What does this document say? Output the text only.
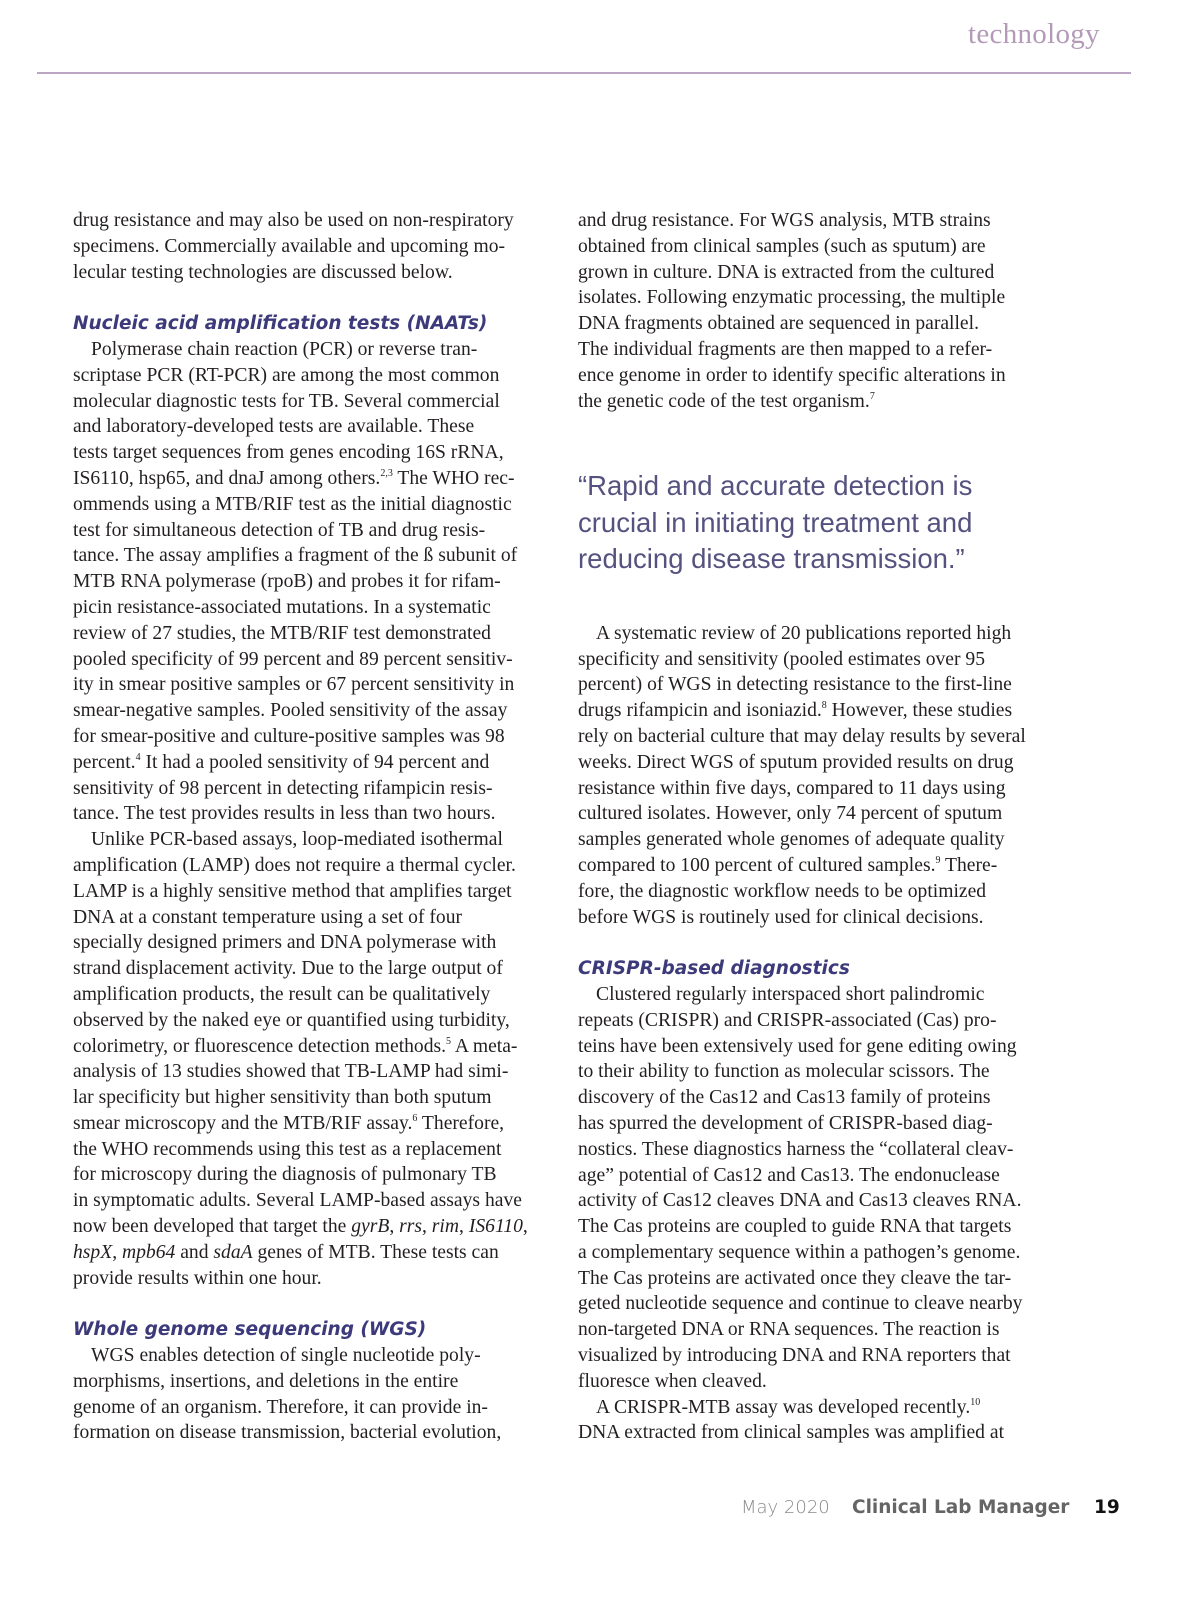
technology
drug resistance and may also be used on non-respiratory
specimens. Commercially available and upcoming mo-
lecular testing technologies are discussed below.
Nucleic acid amplification tests (NAATs)
Polymerase chain reaction (PCR) or reverse tran-
scriptase PCR (RT-PCR) are among the most common
molecular diagnostic tests for TB. Several commercial
and laboratory-developed tests are available. These
tests target sequences from genes encoding 16S rRNA,
IS6110, hsp65, and dnaJ among others.$^{2,3}$ The WHO rec-
ommends using a MTB/RIF test as the initial diagnostic
test for simultaneous detection of TB and drug resis-
tance. The assay amplifies a fragment of the ß subunit of
MTB RNA polymerase (rpoB) and probes it for rifam-
picin resistance-associated mutations. In a systematic
review of 27 studies, the MTB/RIF test demonstrated
pooled specificity of 99 percent and 89 percent sensitiv-
ity in smear positive samples or 67 percent sensitivity in
smear-negative samples. Pooled sensitivity of the assay
for smear-positive and culture-positive samples was 98
percent.$^4$ It had a pooled sensitivity of 94 percent and
sensitivity of 98 percent in detecting rifampicin resis-
tance. The test provides results in less than two hours.
Unlike PCR-based assays, loop-mediated isothermal
amplification (LAMP) does not require a thermal cycler.
LAMP is a highly sensitive method that amplifies target
DNA at a constant temperature using a set of four
specially designed primers and DNA polymerase with
strand displacement activity. Due to the large output of
amplification products, the result can be qualitatively
observed by the naked eye or quantified using turbidity,
colorimetry, or fluorescence detection methods.$^5$ A meta-
analysis of 13 studies showed that TB-LAMP had simi-
lar specificity but higher sensitivity than both sputum
smear microscopy and the MTB/RIF assay.$^6$ Therefore,
the WHO recommends using this test as a replacement
for microscopy during the diagnosis of pulmonary TB
in symptomatic adults. Several LAMP-based assays have
now been developed that target the gyrB, rrs, rim, IS6110,
hspX, mpb64 and sdaA genes of MTB. These tests can
provide results within one hour.
Whole genome sequencing (WGS)
WGS enables detection of single nucleotide poly-
morphisms, insertions, and deletions in the entire
genome of an organism. Therefore, it can provide in-
formation on disease transmission, bacterial evolution,
and drug resistance. For WGS analysis, MTB strains
obtained from clinical samples (such as sputum) are
grown in culture. DNA is extracted from the cultured
isolates. Following enzymatic processing, the multiple
DNA fragments obtained are sequenced in parallel.
The individual fragments are then mapped to a refer-
ence genome in order to identify specific alterations in
the genetic code of the test organism.$^7$
“Rapid and accurate detection is
crucial in initiating treatment and
reducing disease transmission.”
A systematic review of 20 publications reported high
specificity and sensitivity (pooled estimates over 95
percent) of WGS in detecting resistance to the first-line
drugs rifampicin and isoniazid.$^8$ However, these studies
rely on bacterial culture that may delay results by several
weeks. Direct WGS of sputum provided results on drug
resistance within five days, compared to 11 days using
cultured isolates. However, only 74 percent of sputum
samples generated whole genomes of adequate quality
compared to 100 percent of cultured samples.$^9$ There-
fore, the diagnostic workflow needs to be optimized
before WGS is routinely used for clinical decisions.
CRISPR-based diagnostics
Clustered regularly interspaced short palindromic
repeats (CRISPR) and CRISPR-associated (Cas) pro-
teins have been extensively used for gene editing owing
to their ability to function as molecular scissors. The
discovery of the Cas12 and Cas13 family of proteins
has spurred the development of CRISPR-based diag-
nostics. These diagnostics harness the “collateral cleav-
age” potential of Cas12 and Cas13. The endonuclease
activity of Cas12 cleaves DNA and Cas13 cleaves RNA.
The Cas proteins are coupled to guide RNA that targets
a complementary sequence within a pathogen’s genome.
The Cas proteins are activated once they cleave the tar-
geted nucleotide sequence and continue to cleave nearby
non-targeted DNA or RNA sequences. The reaction is
visualized by introducing DNA and RNA reporters that
fluoresce when cleaved.
A CRISPR-MTB assay was developed recently.$^{10}$
DNA extracted from clinical samples was amplified at
May 2020 Clinical Lab Manager 19
